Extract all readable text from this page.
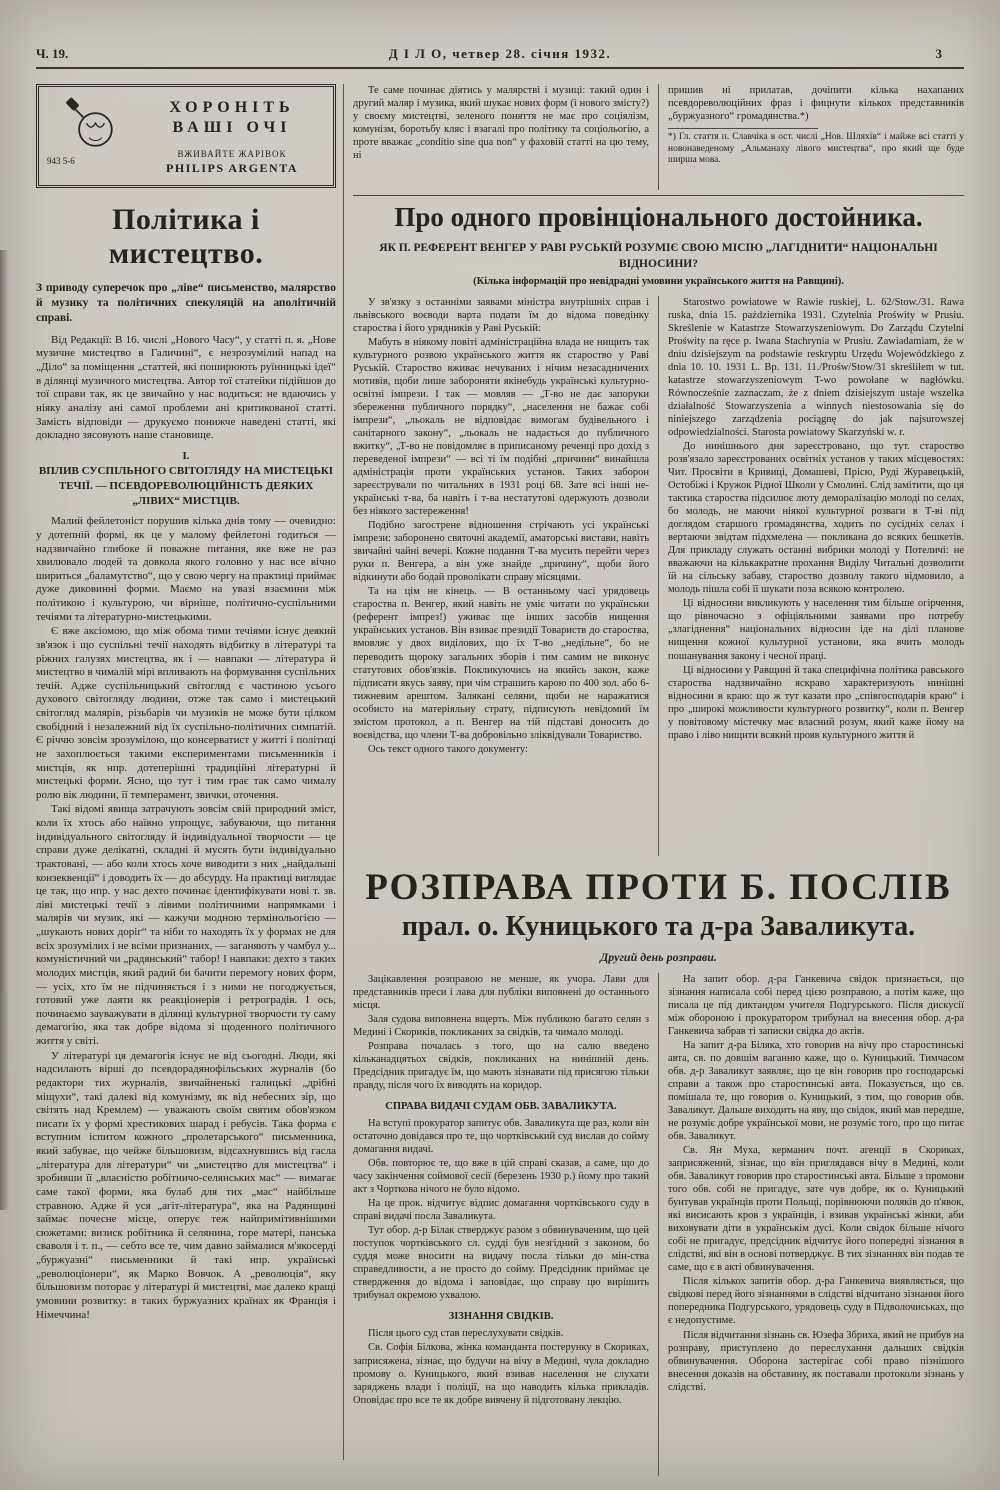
Ч. 19.	Д І Л О, четвер 28. січня 1932.	3
943 5-6
ХОРОНІТЬ
ВАШІ ОЧІ
ВЖИВАЙТЕ ЖАРІВОК
PHILIPS ARGENTA
Політика і мистецтво.

З приводу суперечок про „ліве“ письменство, малярство й музику та політичних спекуляцій на аполітичній справі.

Від Редакції: В 16. числі „Нового Часу“, у статті п. я. „Нове музичне мистецтво в Галичині“, є незрозумілий напад на „Діло“ за поміщення „статтей, які поширюють руїнницькі ідеї“ в ділянці музичного мистецтва. Автор тої статейки підійшов до тої справи так, як це звичайно у нас водиться: не вдаючись у ніяку аналізу ані самої проблеми ані критикованої статті. Замість відповіди — друкуємо понижче наведені статті, які докладно зясовують наше становище.

I.
ВПЛИВ СУСПІЛЬНОГО СВІТОГЛЯДУ НА МИСТЕЦЬКІ ТЕЧІЇ. — ПСЕВДОРЕВОЛЮЦІЙНІСТЬ ДЕЯКИХ „ЛІВИХ“ МИСТЦІВ.

Малий фейлетоніст порушив кілька днів тому — очевидно: у дотепній формі, як це у малому фейлетоні годиться — надзвичайно глибоке й поважне питання, яке вже не раз хвилювало людей та довкола якого головно у нас все вічно шириться „баламутство“, що у свою чергу на практиці приймає дуже диковинні форми. Маємо на увазі взаємини між політикою і культурою, чи вірніше, політично-суспільними течіями та літературно-мистецькими.

Є вже аксіомою, що між обома тими течіями існує деякий зв'язок і що суспільні течії находять відбитку в літературі та ріжних галузях мистецтва, як і — навпаки — література й мистецтво в чималій мірі впливають на формування суспільних течій. Адже суспільницький світогляд є частиною усього духового світогляду людини, отже так само і мистецький світогляд малярів, різьбарів чи музиків не може бути цілком свобідний і незалежний від їх суспільно-політичних симпатій. Є річчю зовсім зрозумілою, що консерватист у житті і політиці не захоплюється такими експериментами письменників і мистців, як нпр. дотеперішні традиційні літературні й мистецькі форми. Ясно, що тут і тим грає так само чималу ролю вік людини, її темперамент, звички, оточення.

Такі відомі явища затрачують зовсім свій природний зміст, коли їх хтось або наївно упрощує, забуваючи, що питання індивідуального світогляду й індивідуальної творчости — це справи дуже делікатні, складні й мусять бути індивідуально трактовані, — або коли хтось хоче виводити з них „найдальші конзеквенції“ і доводить їх — до абсурду. На практиці виглядає це так, що нпр. у нас дехто починає ідентифікувати нові т. зв. ліві мистецькі течії з лівими політичними напрямками і малярів чи музик, які — кажучи модною термінольогією — „шукають нових доріг“ та ніби то находять їх у формах не для всіх зрозумілих і не всіми признаних, — заганяють у чамбул у... комуністичний чи „радянський“ табор! І навпаки: дехто з таких молодих мистців, який радий би бачити перемогу нових форм, — усіх, хто їм не підчиняється і з ними не погоджується, готовий уже лаяти як реакціонерів і ретроградів. І ось, починаємо зауважувати в ділянці культурної творчости ту саму демагогію, яка так добре відома зі щоденного політичного життя у світі.

У літературі ця демагогія існує не від сьогодні. Люди, які надсилають вірші до псевдорадянофільських журналів (бо редактори тих журналів, звичайненькі галицькі „дрібні міщухи“, такі далекі від комунізму, як від небесних зір, що світять над Кремлем) — уважають своїм святим обов'язком писати їх у формі хрестикових шарад і ребусів. Така форма є вступним іспитом кожного „пролетарського“ письменника, який забуває, що чейже більшовизм, відсахнувшись від гасла „література для літератури“ чи „мистецтво для мистецтва“ і зробивши її „власністю робітничо-селянських мас“ — вимагає саме такої форми, яка булаб для тих „мас“ найбільше стравною. Адже й уся „агіт-література“, яка на Радянщині займає почесне місце, оперує теж найпримітивнішими сюжетами: визиск робітника й селянина, горе матері, панська сваволя і т. п., — себто все те, чим давно займалися м'якосерді „буржуазні“ письменники й такі нпр. українські „революціонери“, як Марко Вовчок. А „революція“, яку більшовизм поторає у літературі й мистецтві, має далеко кращі умовини розвитку: в таких буржуазних країнах як Франція і Німеччина!

Те саме починає діятись у малярстві і музиці: такий один і другий маляр і музика, який шукає нових форм (і нового змісту?) у своєму мистецтві, зеленого поняття не має про соціялізм, комунізм, боротьбу кляс і взагалі про політику та соціольогію, а проте вважає „conditio sine qua non“ у фаховій статті на цю тему, ні

пришив ні прилатав, дочіпити кілька нахапаних псевдореволюційних фраз і фицнути кількох представників „буржуазного“ громадянства.*)

*) Гл. стаття п. Славчіка в ост. числі „Нов. Шляхів“ і майже всі статті у новонаведеному „Альманаху лівого мистецтва“, про який ще буде ширша мова.

Про одного провінціонального достойника.

ЯК П. РЕФЕРЕНТ ВЕНГЕР У РАВІ РУСЬКІЙ РОЗУМІЄ СВОЮ МІСІЮ „ЛАГІДНИТИ“ НАЦІОНАЛЬНІ ВІДНОСИНИ?

(Кілька інформацій про невідрадні умовини українського життя на Равщині).

У зв'язку з останніми заявами міністра внутрішніх справ і львівського воєводи варта подати їм до відома поведінку староства і його урядників у Раві Руській:

Мабуть в ніякому повіті адміністраційна влада не нищить так культурного розвою українського життя як староство у Раві Руській. Староство вживає нечуваних і нічим незасадничених мотивів, щоби лише забороняти якінебудь українські культурно-освітні імпрези. І так — мовляв — „Т-во не дає запоруки збереження публичного порядку“, „населення не бажає собі імпрези“, „льокаль не відповідає вимогам будівельного і санітарного закону“, „льокаль не надається до публичного вжитку“, „Т-во не повідомляє в приписаному реченці про дохід з переведеної імпрези“ — всі ті їм подібні „причини“ винайшла адміністрація проти українських установ. Таких заборон зареєстрували по читальнях в 1931 році 68. Зате всі інші не-українські т-ва, ба навіть і т-ва нестатутові одержують дозволи без ніякого застереження!

Подібно загострене відношення стрічають усі українські імпрези: заборонено святочні академії, аматорські вистави, навіть звичайні чайні вечері. Кожне подання Т-ва мусить перейти через руки п. Венгера, а він уже знайде „причину“, щоби його відкинути або бодай проволікати справу місяцями.

Та на цім не кінець. — В останньому часі урядовець староства п. Венгер, який навіть не уміє читати по українськи (референт імпрез!) уживає ще інших засобів нищення українських установ. Він взиває президії Товариств до староства, вмовляє у двох виділових, що їх Т-во „недільне“, бо не переводить щороку загальних зборів і тим самим не виконує статутових обов'язків. Покликуючись на якийсь закон, каже підписати якусь заяву, при чім страшить карою по 400 зол. або 6-тижневим арештом. Залякані селяни, щоби не наражатися особисто на матеріяльну страту, підписують невідомий їм змістом протокол, а п. Венгер на тій підставі доносить до воєвідства, що члени Т-ва добровільно зліквідували Товариство.

Ось текст одного такого документу:

Starostwo powiatowe w Rawie ruskiej, L. 62/Stow./31. Rawa ruska, dnia 15. października 1931. Czytelnia Proświty w Prusiu. Skreślenie w Katastrze Stowarzyszeniowym. Do Zarządu Czytelni Proświty na ręce p. Iwana Stachrynia w Prusiu. Zawiadamiam, że w dniu dzisiejszym na podstawie reskryptu Urzędu Wojewódzkiego z dnia 10. 10. 1931 L. Bp. 131. 11./Prośw/Stow/31 skreśliłem w tut. katastrze stowarzyszeniowym T-wo powołane w nagłówku. Równocześnie zaznaczam, że z dniem dzisiejszym ustaje wszelka działalność Stowarzyszenia a winnych niestosowania się do niniejszego zarządzenia pociągnę do jak najsurowszej odpowiedzialności. Starosta powiatowy Skarzyński w. r.

До нинішнього дня зареєстровано, що тут. староство розв'язало зареєстрованих освітніх установ у таких місцевостях: Чит. Просвіти в Кривиці, Домашеві, Прісю, Руді Журавецькій, Остобіжі і Кружок Рідної Школи у Смолині. Слід замітити, що ця тактика староства підсилює люту деморалізацію молоді по селах, бо молодь, не маючи ніякої культурної розваги в Т-ві під доглядом старшого громадянства, ходить по сусідніх селах і вертаючи звідтам підхмелена — покликана до всяких бешкетів. Для прикладу служать останні вибрики молоді у Потеличі: не вважаючи на кількакратне прохання Виділу Читальні дозволити їй на сільську забаву, староство дозволу такого відмовило, а молодь пішла собі її шукати поза всякою контролею.

Ці відносини викликують у населення тим більше огірчення, що рівночасно з офіціяльними заявами про потребу „злагіднення“ національних відносин іде на ділі планове нищення кожної культурної установи, яка вчить молодь пошанування закону і чесної праці.

Ці відносини у Равщині й така специфічна політика равського староства надзвичайно яскраво характеризують нинішні відносини в краю: що ж тут казати про „співгосподарів краю“ і про „широкі можливости культурного розвитку“, коли п. Венгер у повітовому містечку має власний розум, який каже йому на право і ліво нищити всякий прояв культурного життя й

РОЗПРАВА ПРОТИ Б. ПОСЛІВ
прал. о. Куницького та д-ра Заваликута.

Другий день розправи.

Зацікавлення розправою не менше, як учора. Лави для представників преси і лава для публіки виповнені до останнього місця.

Заля судова виповнена вщерть. Між публикою багато селян з Медині і Скориків, покликаних за свідків, та чимало молоді.

Розправа почалась з того, що на салю введено кільканадцятьох свідків, покликаних на нинішній день. Предсідник пригадує їм, що мають зізнавати під присягою тільки правду, після чого їх виводять на коридор.

СПРАВА ВИДАЧІ СУДАМ ОБВ. ЗАВАЛИКУТА.

На вступі прокуратор запитує обв. Заваликута ще раз, коли він остаточно довідався про те, що чортківський суд вислав до сойму домагання видачі.

Обв. повторює те, що вже в цій справі сказав, а саме, що до часу закінчення соймової сесії (березень 1930 р.) йому про такий акт з Чорткова нічого не було відомо.

На це прок. відчитує відпис домагання чортківського суду в справі видачі посла Заваликута.

Тут обор. д-р Білак стверджує разом з обвинуваченим, що цей поступок чортківського сл. судді був незгідний з законом, бо суддя може вносити на видачу посла тільки до мін-ства справедливости, а не просто до сойму. Предсідник приймає це ствердження до відома і заповідає, що справу цю вирішить трибунал окремою ухвалою.

ЗІЗНАННЯ СВІДКІВ.

Після цього суд став переслухувати свідків.

Св. Софія Білкова, жінка команданта постерунку в Скориках, заприсяжена, зізнає, що будучи на вічу в Медині, чула докладно промову о. Куницького, який взивав населення не слухати заряджень влади і поліції, на що наводить кілька прикладів. Оповідає про все те як добре вивчену й підготовану лекцію.

На запит обор. д-ра Ганкевича свідок признається, що зізнання написала собі перед цією розправою, а потім каже, що писала це під диктандом учителя Подгурського. Після дискусії між обороною і прокуратором трибунал на внесення обор. д-ра Ганкевича забрав ті записки свідка до актів.

На запит д-ра Біляка, хто говорив на вічу про старостинські авта, св. по довшім ваганню каже, що о. Куницький. Тимчасом обв. д-р Заваликут заявляє, що це він говорив про господарські справи а також про старостинські авта. Показується, що св. помішала те, що говорив о. Куницький, з тим, що говорив обв. Заваликут. Дальше виходить на яву, що свідок, який мав передше, не розуміє добре української мови, не розуміє того, про що питає обв. Заваликут.

Св. Ян Муха, керманич почт. агенції в Скориках, заприсяжений, зізнає, що він приглядався вічу в Медині, коли обв. Заваликут говорив про старостинські авта. Більше з промови того обв. собі не пригадує, зате чув добре, як о. Куницький бунтував українців проти Польщі, порівнюючи поляків до п'явок, які висисають кров з українців, і взивав українські жінки, аби виховувати діти в українськім дусі. Коли свідок більше нічого собі не пригадує, предсідник відчитує його попередні зізнання в слідстві, які він в основі потверджує. В тих зізнаннях він подав те саме, що є в акті обвинувачення.

Після кількох запитів обор. д-ра Ганкевича виявляється, що свідкові перед його зізнаннями в слідстві відчитано зізнання його попередника Подгурського, урядовець суду в Підволочиськах, що є недопустиме.

Після відчитання зізнань св. Юзефа Збриха, який не прибув на розправу, приступлено до переслухання дальших свідків обвинувачення. Оборона застерігає собі право пізнішого внесення доказів на обставину, як поставали протоколи зізнань у слідстві.
